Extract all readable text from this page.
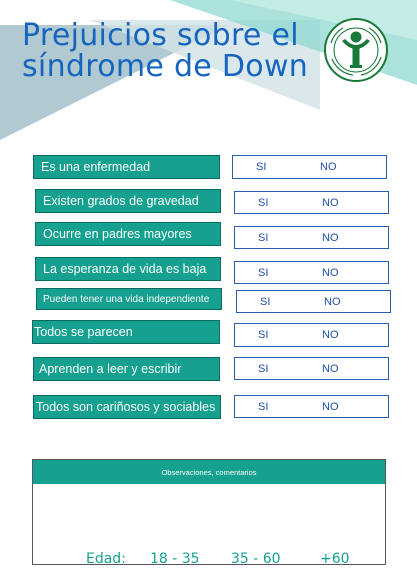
Prejuicios sobre el
síndrome de Down
Es una enfermedad	SI	NO
Existen grados de gravedad	SI	NO
Ocurre en padres mayores	SI	NO
La esperanza de vida es baja	SI	NO
Pueden tener una vida independiente	SI	NO
Todos se parecen	SI	NO
Aprenden a leer y escribir	SI	NO
Todos son cariñosos y sociables	SI	NO
Observaciones, comentarios
Edad: 18 - 35 35 - 60	+60
